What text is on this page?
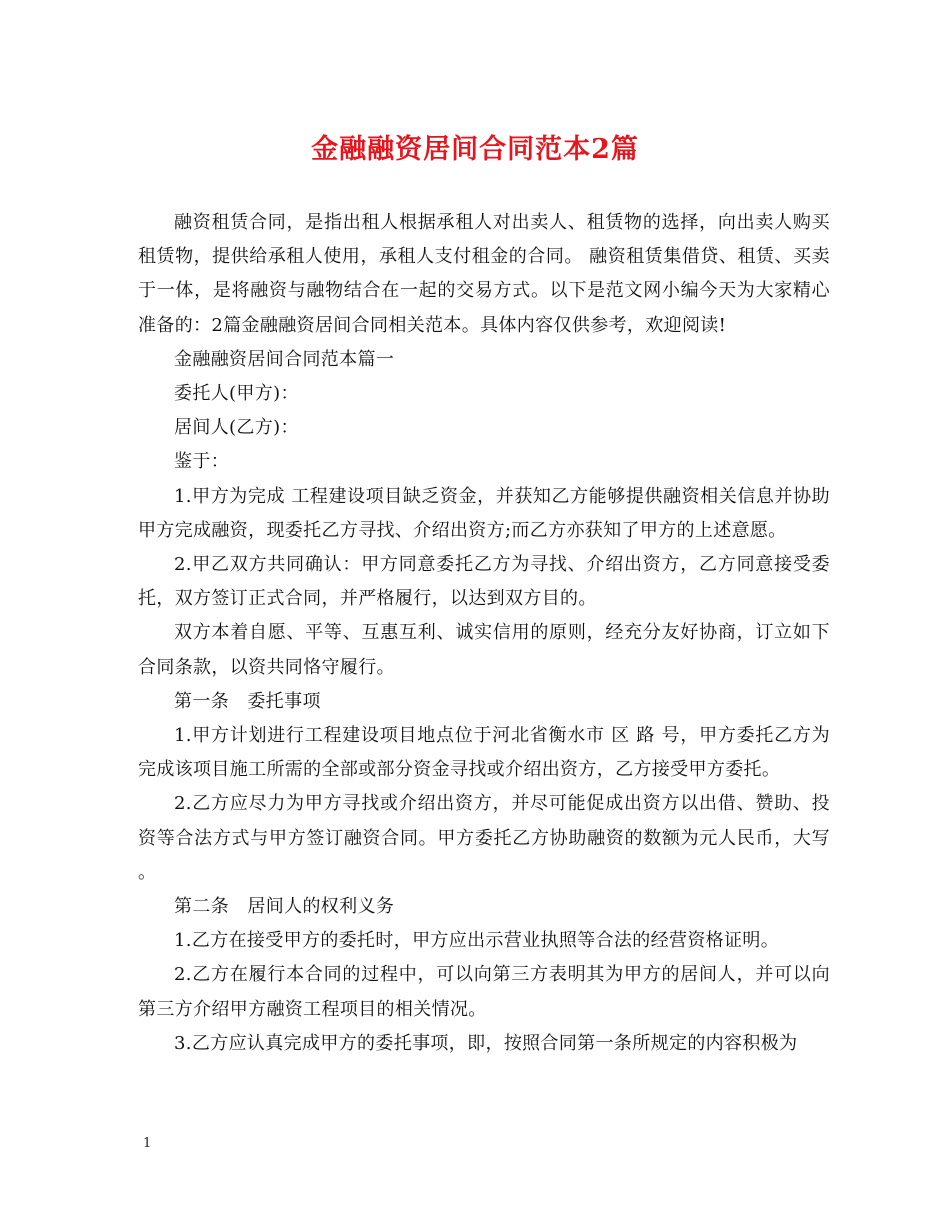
金融融资居间合同范本2篇

融资租赁合同，是指出租人根据承租人对出卖人、租赁物的选择，向出卖人购买租赁物，提供给承租人使用，承租人支付租金的合同。 融资租赁集借贷、租赁、买卖于一体，是将融资与融物结合在一起的交易方式。以下是范文网小编今天为大家精心准备的：2篇金融融资居间合同相关范本。具体内容仅供参考，欢迎阅读!

金融融资居间合同范本篇一

委托人(甲方)：

居间人(乙方)：

鉴于：

1.甲方为完成 工程建设项目缺乏资金，并获知乙方能够提供融资相关信息并协助甲方完成融资，现委托乙方寻找、介绍出资方;而乙方亦获知了甲方的上述意愿。

2.甲乙双方共同确认：甲方同意委托乙方为寻找、介绍出资方，乙方同意接受委托，双方签订正式合同，并严格履行，以达到双方目的。

双方本着自愿、平等、互惠互利、诚实信用的原则，经充分友好协商，订立如下合同条款，以资共同恪守履行。

第一条　委托事项

1.甲方计划进行工程建设项目地点位于河北省衡水市 区 路 号，甲方委托乙方为完成该项目施工所需的全部或部分资金寻找或介绍出资方，乙方接受甲方委托。

2.乙方应尽力为甲方寻找或介绍出资方，并尽可能促成出资方以出借、赞助、投资等合法方式与甲方签订融资合同。甲方委托乙方协助融资的数额为元人民币，大写 。

第二条　居间人的权利义务

1.乙方在接受甲方的委托时，甲方应出示营业执照等合法的经营资格证明。

2.乙方在履行本合同的过程中，可以向第三方表明其为甲方的居间人，并可以向第三方介绍甲方融资工程项目的相关情况。

3.乙方应认真完成甲方的委托事项，即，按照合同第一条所规定的内容积极为

1
